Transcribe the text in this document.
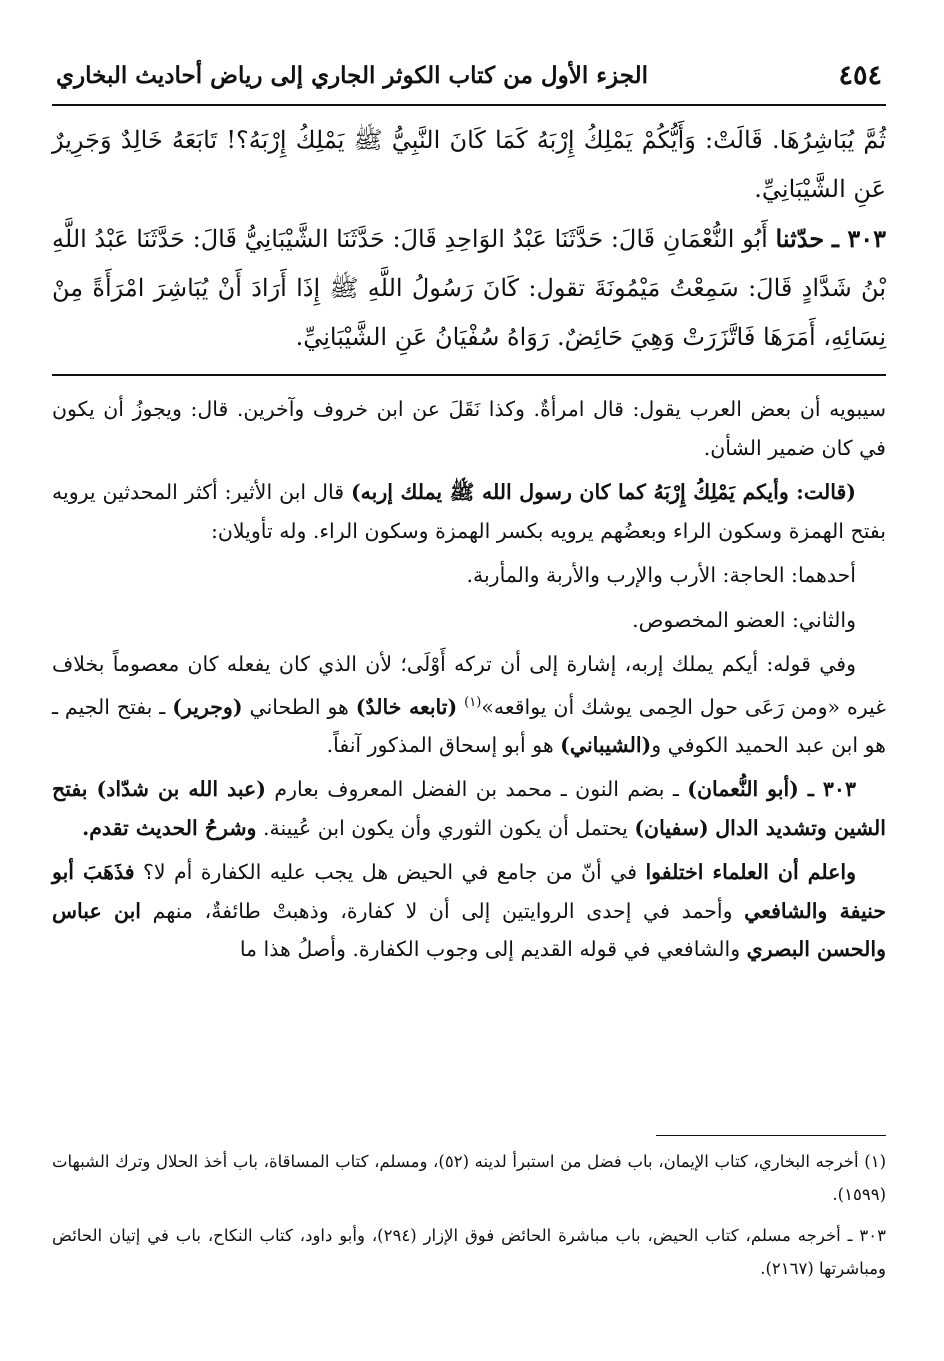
٤٥٤
الجزء الأول من كتاب الكوثر الجاري إلى رياض أحاديث البخاري

ثُمَّ يُبَاشِرُهَا. قَالَتْ: وَأَيُّكُمْ يَمْلِكُ إِرْبَهُ كَمَا كَانَ النَّبِيُّ ﷺ يَمْلِكُ إِرْبَهُ؟! تَابَعَهُ خَالِدٌ وَجَرِيرٌ عَنِ الشَّيْبَانِيِّ.

٣٠٣ ـ حدّثنا أَبُو النُّعْمَانِ قَالَ: حَدَّثَنَا عَبْدُ الوَاحِدِ قَالَ: حَدَّثَنَا الشَّيْبَانِيُّ قَالَ: حَدَّثَنَا عَبْدُ اللَّهِ بْنُ شَدَّادٍ قَالَ: سَمِعْتُ مَيْمُونَةَ تقول: كَانَ رَسُولُ اللَّهِ ﷺ إِذَا أَرَادَ أَنْ يُبَاشِرَ امْرَأَةً مِنْ نِسَائِهِ، أَمَرَهَا فَاتَّزَرَتْ وَهِيَ حَائِضٌ. رَوَاهُ سُفْيَانُ عَنِ الشَّيْبَانِيِّ.

سيبويه أن بعض العرب يقول: قال امرأةٌ. وكذا نَقَلَ عن ابن خروف وآخرين. قال: ويجوزُ أن يكون في كان ضمير الشأن.

(قالت: وأيكم يَمْلِكُ إِرْبَهُ كما كان رسول الله ﷺ يملك إربه) قال ابن الأثير: أكثر المحدثين يرويه بفتح الهمزة وسكون الراء وبعضُهم يرويه بكسر الهمزة وسكون الراء. وله تأويلان:

أحدهما: الحاجة: الأرب والإرب والأربة والمأربة.

والثاني: العضو المخصوص.

وفي قوله: أيكم يملك إربه، إشارة إلى أن تركه أَوْلَى؛ لأن الذي كان يفعله كان معصوماً بخلاف غيره «ومن رَعَى حول الحِمى يوشك أن يواقعه»$^{(١)}$ (تابعه خالدٌ) هو الطحاني (وجرير) ـ بفتح الجيم ـ هو ابن عبد الحميد الكوفي و(الشيباني) هو أبو إسحاق المذكور آنفاً.

٣٠٣ ـ (أبو النُّعمان) ـ بضم النون ـ محمد بن الفضل المعروف بعارم (عبد الله بن شدّاد) بفتح الشين وتشديد الدال (سفيان) يحتمل أن يكون الثوري وأن يكون ابن عُيينة. وشرحُ الحديث تقدم.

واعلم أن العلماء اختلفوا في أنّ من جامع في الحيض هل يجب عليه الكفارة أم لا؟ فذَهَبَ أبو حنيفة والشافعي وأحمد في إحدى الروايتين إلى أن لا كفارة، وذهبتْ طائفةٌ، منهم ابن عباس والحسن البصري والشافعي في قوله القديم إلى وجوب الكفارة. وأصلُ هذا ما

(١) أخرجه البخاري، كتاب الإيمان، باب فضل من استبرأ لدينه (٥٢)، ومسلم، كتاب المساقاة، باب أخذ الحلال وترك الشبهات (١٥٩٩).

٣٠٣ ـ أخرجه مسلم، كتاب الحيض، باب مباشرة الحائض فوق الإزار (٢٩٤)، وأبو داود، كتاب النكاح، باب في إتيان الحائض ومباشرتها (٢١٦٧).
